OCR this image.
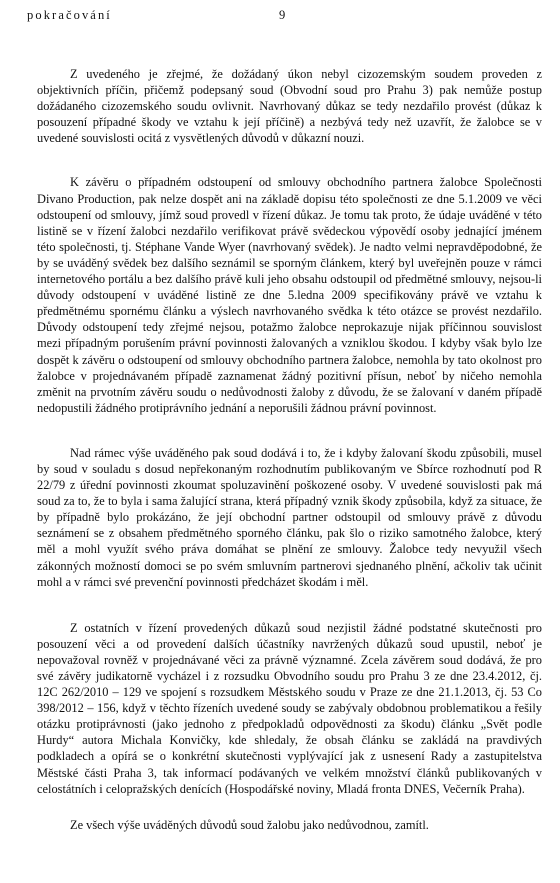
pokračování	9

Z uvedeného je zřejmé, že dožádaný úkon nebyl cizozemským soudem proveden z objektivních příčin, přičemž podepsaný soud (Obvodní soud pro Prahu 3) pak nemůže postup dožádaného cizozemského soudu ovlivnit. Navrhovaný důkaz se tedy nezdařilo provést (důkaz k posouzení případné škody ve vztahu k její příčině) a nezbývá tedy než uzavřít, že žalobce se v uvedené souvislosti ocitá z vysvětlených důvodů v důkazní nouzi.

K závěru o případném odstoupení od smlouvy obchodního partnera žalobce Společnosti Divano Production, pak nelze dospět ani na základě dopisu této společnosti ze dne 5.1.2009 ve věci odstoupení od smlouvy, jímž soud provedl v řízení důkaz. Je tomu tak proto, že údaje uváděné v této listině se v řízení žalobci nezdařilo verifikovat právě svědeckou výpovědí osoby jednající jménem této společnosti, tj. Stéphane Vande Wyer (navrhovaný svědek). Je nadto velmi nepravděpodobné, že by se uváděný svědek bez dalšího seznámil se sporným článkem, který byl uveřejněn pouze v rámci internetového portálu a bez dalšího právě kuli jeho obsahu odstoupil od předmětné smlouvy, nejsou-li důvody odstoupení v uváděné listině ze dne 5.ledna 2009 specifikovány právě ve vztahu k předmětnému spornému článku a výslech navrhovaného svědka k této otázce se provést nezdařilo. Důvody odstoupení tedy zřejmé nejsou, potažmo žalobce neprokazuje nijak příčinnou souvislost mezi případným porušením právní povinnosti žalovaných a vzniklou škodou. I kdyby však bylo lze dospět k závěru o odstoupení od smlouvy obchodního partnera žalobce, nemohla by tato okolnost pro žalobce v projednávaném případě zaznamenat žádný pozitivní přísun, neboť by ničeho nemohla změnit na prvotním závěru soudu o nedůvodnosti žaloby z důvodu, že se žalovaní v daném případě nedopustili žádného protiprávního jednání a neporušili žádnou právní povinnost.

Nad rámec výše uváděného pak soud dodává i to, že i kdyby žalovaní škodu způsobili, musel by soud v souladu s dosud nepřekonaným rozhodnutím publikovaným ve Sbírce rozhodnutí pod R 22/79 z úřední povinnosti zkoumat spoluzavinění poškozené osoby. V uvedené souvislosti pak má soud za to, že to byla i sama žalující strana, která případný vznik škody způsobila, když za situace, že by případně bylo prokázáno, že její obchodní partner odstoupil od smlouvy právě z důvodu seznámení se z obsahem předmětného sporného článku, pak šlo o riziko samotného žalobce, který měl a mohl využít svého práva domáhat se plnění ze smlouvy. Žalobce tedy nevyužil všech zákonných možností domoci se po svém smluvním partnerovi sjednaného plnění, ačkoliv tak učinit mohl a v rámci své prevenční povinnosti předcházet škodám i měl.

Z ostatních v řízení provedených důkazů soud nezjistil žádné podstatné skutečnosti pro posouzení věci a od provedení dalších účastníky navržených důkazů soud upustil, neboť je nepovažoval rovněž v projednávané věci za právně významné. Zcela závěrem soud dodává, že pro své závěry judikatorně vycházel i z rozsudku Obvodního soudu pro Prahu 3 ze dne 23.4.2012, čj. 12C 262/2010 – 129 ve spojení s rozsudkem Městského soudu v Praze ze dne 21.1.2013, čj. 53 Co 398/2012 – 156, když v těchto řízeních uvedené soudy se zabývaly obdobnou problematikou a řešily otázku protiprávnosti (jako jednoho z předpokladů odpovědnosti za škodu) článku „Svět podle Hurdy“ autora Michala Konvičky, kde shledaly, že obsah článku se zakládá na pravdivých podkladech a opírá se o konkrétní skutečnosti vyplývající jak z usnesení Rady a zastupitelstva Městské části Praha 3, tak informací podávaných ve velkém množství článků publikovaných v celostátních i celopražských denících (Hospodářské noviny, Mladá fronta DNES, Večerník Praha).

Ze všech výše uváděných důvodů soud žalobu jako nedůvodnou, zamítl.
